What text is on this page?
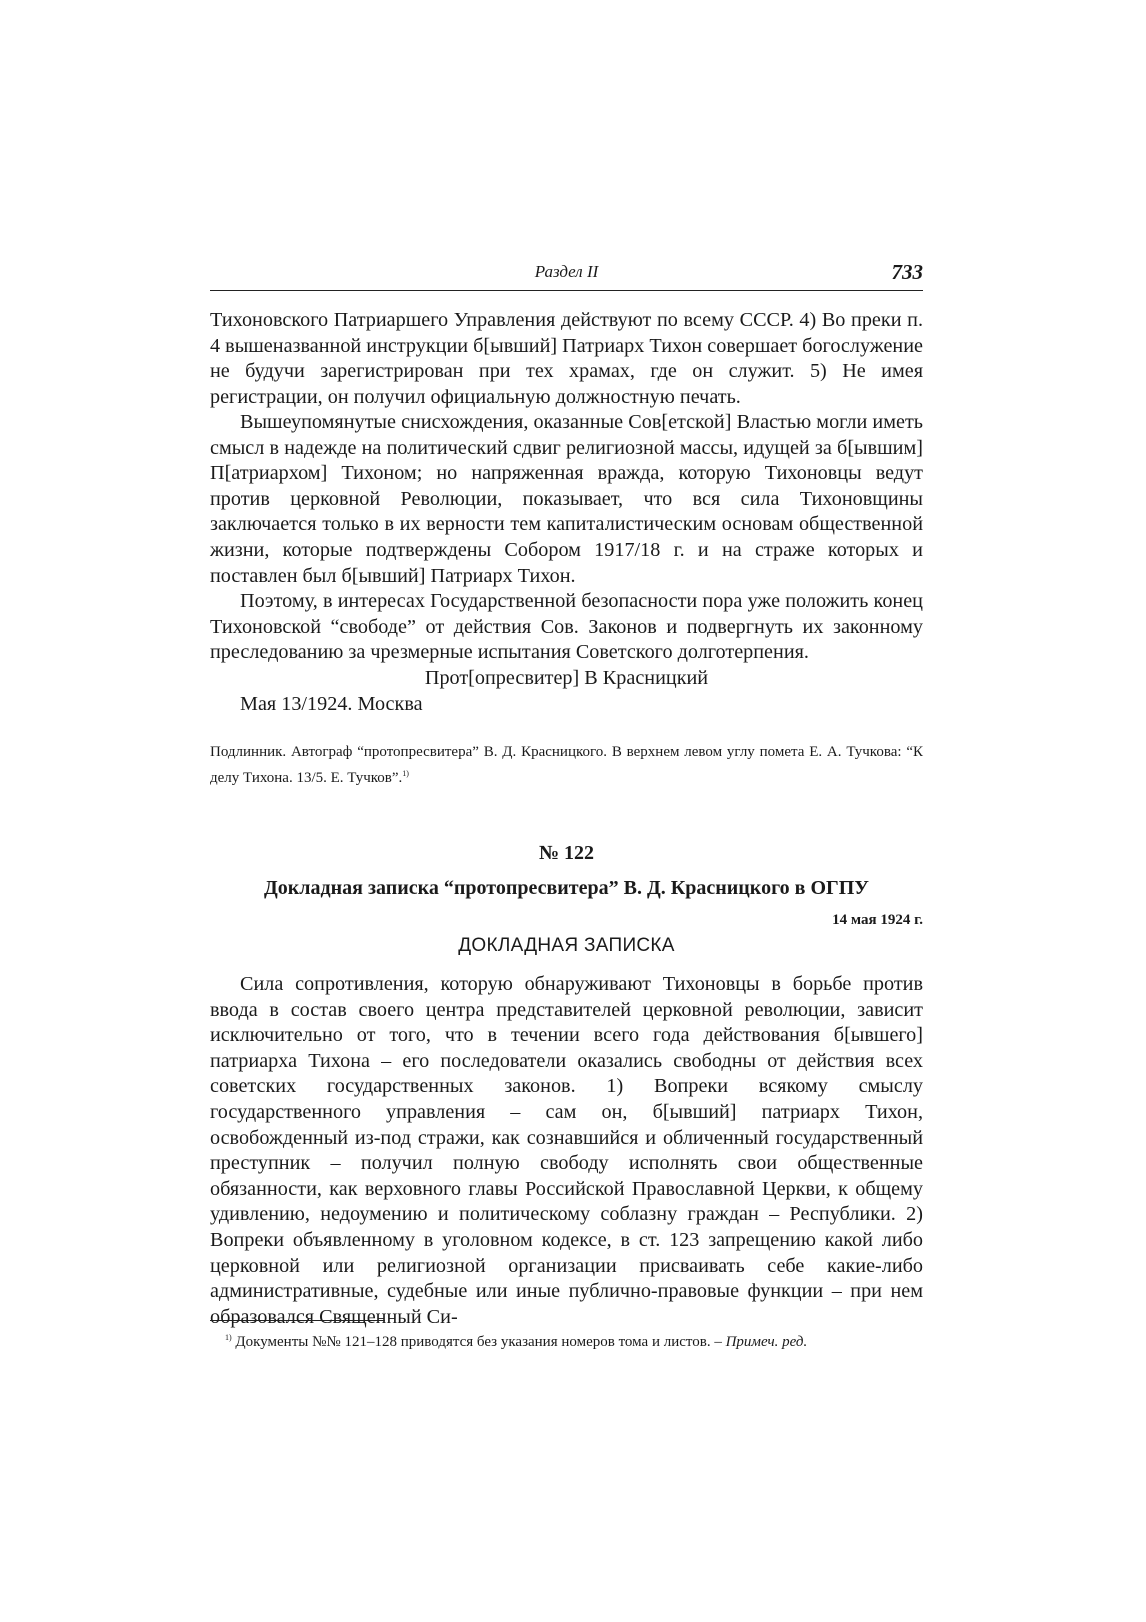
Раздел II	733

Тихоновского Патриаршего Управления действуют по всему СССР. 4) Во преки п. 4 вышеназванной инструкции б[ывший] Патриарх Тихон совершает богослужение не будучи зарегистрирован при тех храмах, где он служит. 5) Не имея регистрации, он получил официальную должностную печать.

Вышеупомянутые снисхождения, оказанные Сов[етской] Властью могли иметь смысл в надежде на политический сдвиг религиозной массы, идущей за б[ывшим] П[атриархом] Тихоном; но напряженная вражда, которую Тихоновцы ведут против церковной Революции, показывает, что вся сила Тихоновщины заключается только в их верности тем капиталистическим основам общественной жизни, которые подтверждены Собором 1917/18 г. и на страже которых и поставлен был б[ывший] Патриарх Тихон.

Поэтому, в интересах Государственной безопасности пора уже положить конец Тихоновской “свободе” от действия Сов. Законов и подвергнуть их законному преследованию за чрезмерные испытания Советского долготерпения.

Прот[опресвитер] В Красницкий
Мая 13/1924. Москва
Подлинник. Автограф “протопресвитера” В. Д. Красницкого. В верхнем левом углу помета Е. А. Тучкова: “К делу Тихона. 13/5. Е. Тучков”.$^{1)}$
№ 122
Докладная записка “протопресвитера” В. Д. Красницкого в ОГПУ
14 мая 1924 г.
ДОКЛАДНАЯ ЗАПИСКА

Сила сопротивления, которую обнаруживают Тихоновцы в борьбе против ввода в состав своего центра представителей церковной революции, зависит исключительно от того, что в течении всего года действования б[ывшего] патриарха Тихона – его последователи оказались свободны от действия всех советских государственных законов. 1) Вопреки всякому смыслу государственного управления – сам он, б[ывший] патриарх Тихон, освобожденный из-под стражи, как сознавшийся и обличенный государственный преступник – получил полную свободу исполнять свои общественные обязанности, как верховного главы Российской Православной Церкви, к общему удивлению, недоумению и политическому соблазну граждан – Республики. 2) Вопреки объявленному в уголовном кодексе, в ст. 123 запрещению какой либо церковной или религиозной организации присваивать себе какие-либо административные, судебные или иные публично-правовые функции – при нем образовался Священный Си-

$^{1)}$ Документы №№ 121–128 приводятся без указания номеров тома и листов. – Примеч. ред.
